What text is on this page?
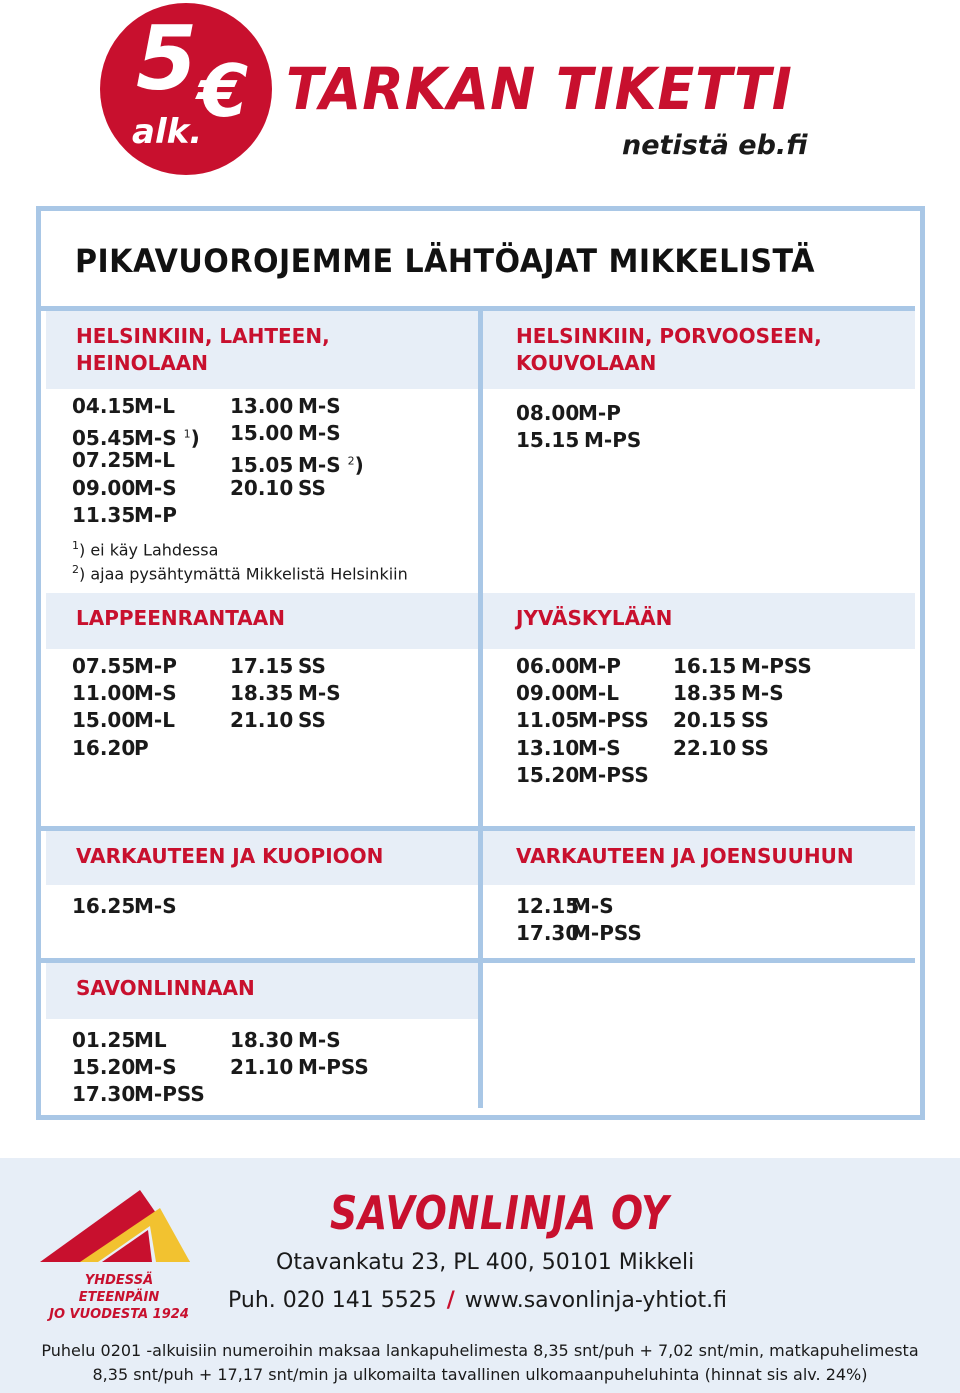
5 €
alk.
TARKAN TIKETTI
netistä eb.fi
PIKAVUOROJEMME LÄHTÖAJAT MIKKELISTÄ
HELSINKIIN, LAHTEEN,
HEINOLAAN
04.15M-L
05.45M-S $^1$)
07.25M-L
09.00M-S
11.35M-P
13.00 M-S
15.00 M-S
15.05 M-S $^2$)
20.10 SS
$^1$) ei käy Lahdessa
$^2$) ajaa pysähtymättä Mikkelistä Helsinkiin
HELSINKIIN, PORVOOSEEN,
KOUVOLAAN
08.00M-P
15.15 M-PS
LAPPEENRANTAAN
07.55M-P
11.00M-S
15.00M-L
16.20P
17.15 SS
18.35 M-S
21.10 SS
JYVÄSKYLÄÄN
06.00M-P
09.00M-L
11.05M-PSS
13.10M-S
15.20M-PSS
16.15 M-PSS
18.35 M-S
20.15 SS
22.10 SS
VARKAUTEEN JA KUOPIOON
16.25M-S
VARKAUTEEN JA JOENSUUHUN
12.15M-S
17.30M-PSS
SAVONLINNAAN
01.25ML
15.20M-S
17.30M-PSS
18.30 M-S
21.10 M-PSS
YHDESSÄ ETEENPÄIN
JO VUODESTA 1924
SAVONLINJA OY
Otavankatu 23, PL 400, 50101 Mikkeli
Puh. 020 141 5525 / www.savonlinja-yhtiot.fi
Puhelu 0201 -alkuisiin numeroihin maksaa lankapuhelimesta 8,35 snt/puh + 7,02 snt/min, matkapuhelimesta
8,35 snt/puh + 17,17 snt/min ja ulkomailta tavallinen ulkomaanpuheluhinta (hinnat sis alv. 24%)
